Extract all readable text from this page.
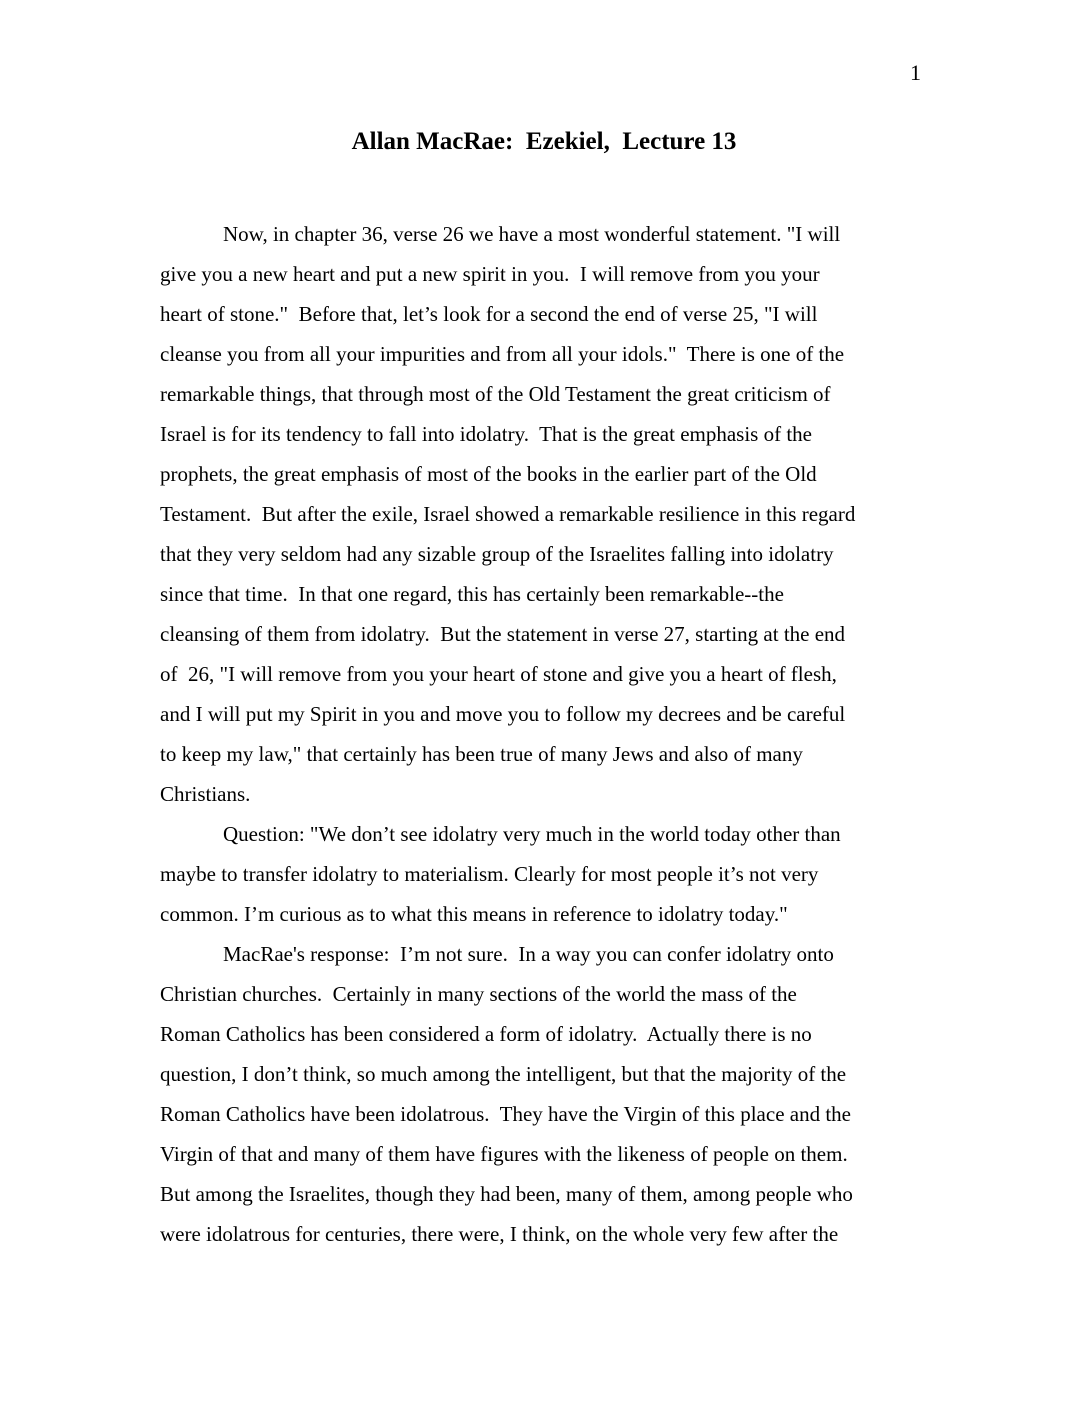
1
Allan MacRae:  Ezekiel,  Lecture 13
Now, in chapter 36, verse 26 we have a most wonderful statement. "I will
give you a new heart and put a new spirit in you.  I will remove from you your
heart of stone."  Before that, let’s look for a second the end of verse 25, "I will
cleanse you from all your impurities and from all your idols."  There is one of the
remarkable things, that through most of the Old Testament the great criticism of
Israel is for its tendency to fall into idolatry.  That is the great emphasis of the
prophets, the great emphasis of most of the books in the earlier part of the Old
Testament.  But after the exile, Israel showed a remarkable resilience in this regard
that they very seldom had any sizable group of the Israelites falling into idolatry
since that time.  In that one regard, this has certainly been remarkable--the
cleansing of them from idolatry.  But the statement in verse 27, starting at the end
of  26, "I will remove from you your heart of stone and give you a heart of flesh,
and I will put my Spirit in you and move you to follow my decrees and be careful
to keep my law," that certainly has been true of many Jews and also of many
Christians.
Question: "We don’t see idolatry very much in the world today other than
maybe to transfer idolatry to materialism. Clearly for most people it’s not very
common. I’m curious as to what this means in reference to idolatry today."
MacRae's response:  I’m not sure.  In a way you can confer idolatry onto
Christian churches.  Certainly in many sections of the world the mass of the
Roman Catholics has been considered a form of idolatry.  Actually there is no
question, I don’t think, so much among the intelligent, but that the majority of the
Roman Catholics have been idolatrous.  They have the Virgin of this place and the
Virgin of that and many of them have figures with the likeness of people on them.
But among the Israelites, though they had been, many of them, among people who
were idolatrous for centuries, there were, I think, on the whole very few after the
